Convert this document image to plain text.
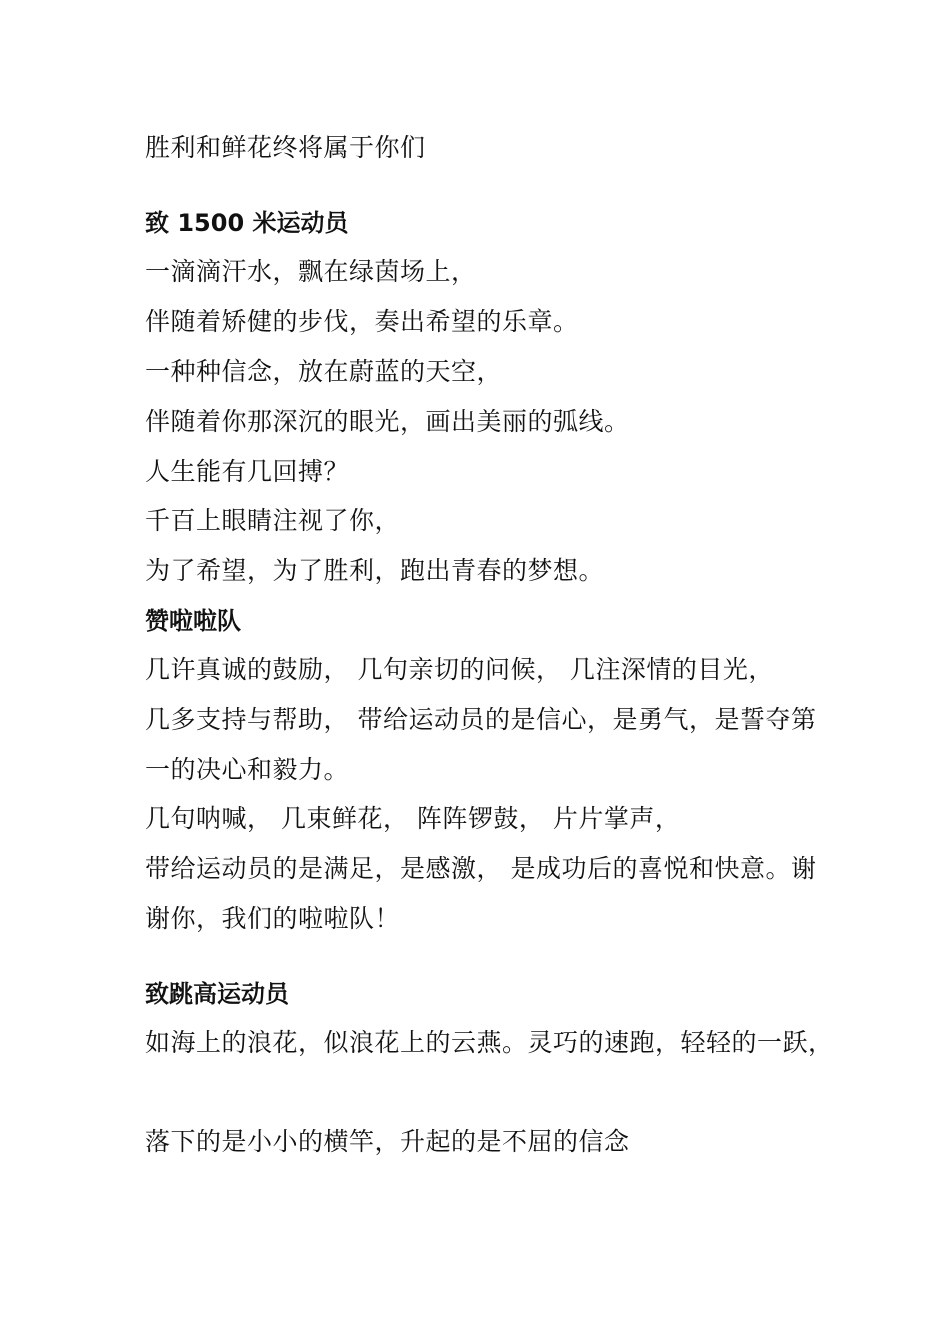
胜利和鲜花终将属于你们
致 1500 米运动员
一滴滴汗水，飘在绿茵场上，
伴随着矫健的步伐，奏出希望的乐章。
一种种信念，放在蔚蓝的天空，
伴随着你那深沉的眼光，画出美丽的弧线。
人生能有几回搏？
千百上眼睛注视了你，
为了希望，为了胜利，跑出青春的梦想。
赞啦啦队
几许真诚的鼓励， 几句亲切的问候， 几注深情的目光，
几多支持与帮助， 带给运动员的是信心，是勇气，是誓夺第
一的决心和毅力。
几句呐喊， 几束鲜花， 阵阵锣鼓， 片片掌声，
带给运动员的是满足，是感激， 是成功后的喜悦和快意。谢
谢你，我们的啦啦队！
致跳高运动员
如海上的浪花，似浪花上的云燕。灵巧的速跑，轻轻的一跃，
落下的是小小的横竿，升起的是不屈的信念
